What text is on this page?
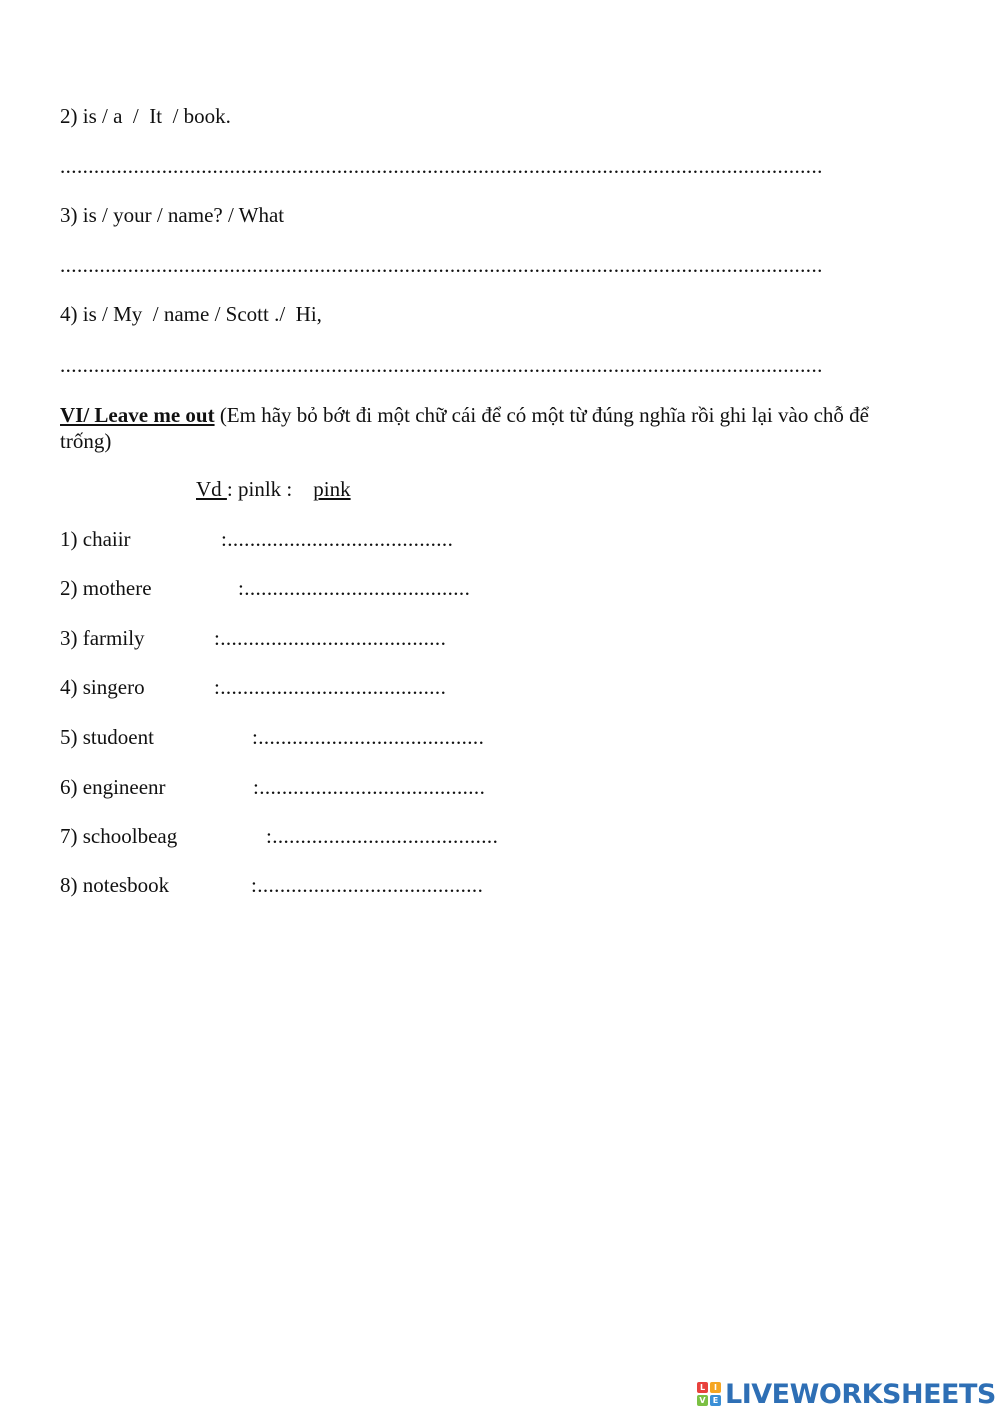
2) is / a  /  It  / book.
.......................................................................................................................................
3) is / your / name? / What
.......................................................................................................................................
4) is / My  / name / Scott ./  Hi,
.......................................................................................................................................
VI/ Leave me out (Em hãy bỏ bớt đi một chữ cái để có một từ đúng nghĩa rồi ghi lại vào chỗ để trống)
Vd : pinlk :    pink
1) chaiir	:........................................
2) mothere	:........................................
3) farmily	:........................................
4) singero	:........................................
5) studoent	:........................................
6) engineenr	:........................................
7) schoolbeag	:........................................
8) notesbook	:........................................
L	I
V E LIVEWORKSHEETS
